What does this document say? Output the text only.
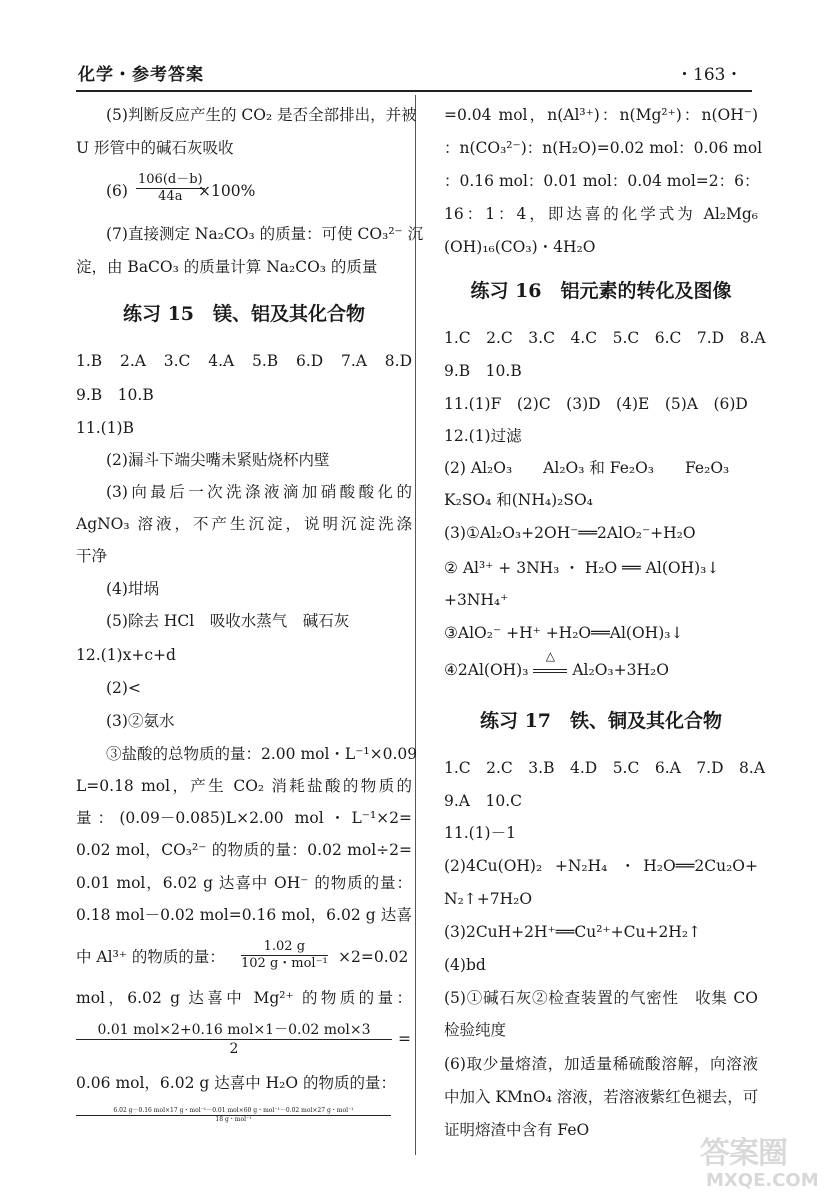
化学・参考答案	・163・
(5)判断反应产生的 CO₂ 是否全部排出，并被
U 形管中的碱石灰吸收
$(6) \frac{106(d-b)}{44a}$
×100%
(7)直接测定 Na₂CO₃ 的质量：可使 CO₃²⁻ 沉
淀，由 BaCO₃ 的质量计算 Na₂CO₃ 的质量
练习 15　镁、铝及其化合物
1.B　2.A　3.C　4.A　5.B　6.D　7.A　8.D
9.B　10.B
11.(1)B
(2)漏斗下端尖嘴未紧贴烧杯内壁
(3)向最后一次洗涤液滴加硝酸酸化的
AgNO₃ 溶液，不产生沉淀，说明沉淀洗涤
干净
(4)坩埚
(5)除去 HCl　吸收水蒸气　碱石灰
12.(1)x+c+d
(2)<
(3)②氨水
③盐酸的总物质的量：2.00 mol・L⁻¹×0.09
L=0.18 mol，产生 CO₂ 消耗盐酸的物质的
量：(0.09－0.085)L×2.00 mol・L⁻¹×2=
0.02 mol，CO₃²⁻ 的物质的量：0.02 mol÷2=
0.01 mol，6.02 g 达喜中 OH⁻ 的物质的量：
0.18 mol－0.02 mol=0.16 mol，6.02 g 达喜
中 Al³⁺ 的物质的量：
1.02 g
102 g・mol⁻¹ ×2=0.02
mol，6.02 g 达喜中 Mg²⁺ 的物质的量：
0.01 mol×2+0.16 mol×1－0.02 mol×3
2
=
0.06 mol，6.02 g 达喜中 H₂O 的物质的量：
6.02 g－0.16 mol×17 g・mol⁻¹－0.01 mol×60 g・mol⁻¹－0.02 mol×27 g・mol⁻¹
18 g・mol⁻¹
=0.04 mol，n(Al³⁺)：n(Mg²⁺)：n(OH⁻)
：n(CO₃²⁻)：n(H₂O)=0.02 mol：0.06 mol
：0.16 mol：0.01 mol：0.04 mol=2：6：
16：1：4，即达喜的化学式为 Al₂Mg₆
(OH)₁₆(CO₃)・4H₂O
练习 16　铝元素的转化及图像
1.C　2.C　3.C　4.C　5.C　6.C　7.D　8.A
9.B　10.B
11.(1)F　(2)C　(3)D　(4)E　(5)A　(6)D
12.(1)过滤
(2) Al₂O₃　　Al₂O₃ 和 Fe₂O₃　　Fe₂O₃
K₂SO₄ 和(NH₄)₂SO₄
(3)①Al₂O₃+2OH⁻══2AlO₂⁻+H₂O
② Al³⁺ + 3NH₃ ・ H₂O ══ Al(OH)₃↓
+3NH₄⁺
③AlO₂⁻ +H⁺ +H₂O══Al(OH)₃↓
④2Al(OH)₃
△
Al₂O₃+3H₂O
练习 17　铁、铜及其化合物
1.C　2.C　3.B　4.D　5.C　6.A　7.D　8.A
9.A　10.C
11.(1)－1
(2)4Cu(OH)₂ +N₂H₄ ・H₂O══2Cu₂O+
N₂↑+7H₂O
(3)2CuH+2H⁺══Cu²⁺+Cu+2H₂↑
(4)bd
(5)①碱石灰②检查装置的气密性　收集 CO
检验纯度
(6)取少量熔渣，加适量稀硫酸溶解，向溶液
中加入 KMnO₄ 溶液，若溶液紫红色褪去，可
证明熔渣中含有 FeO
答案圈
MXQE.COM
